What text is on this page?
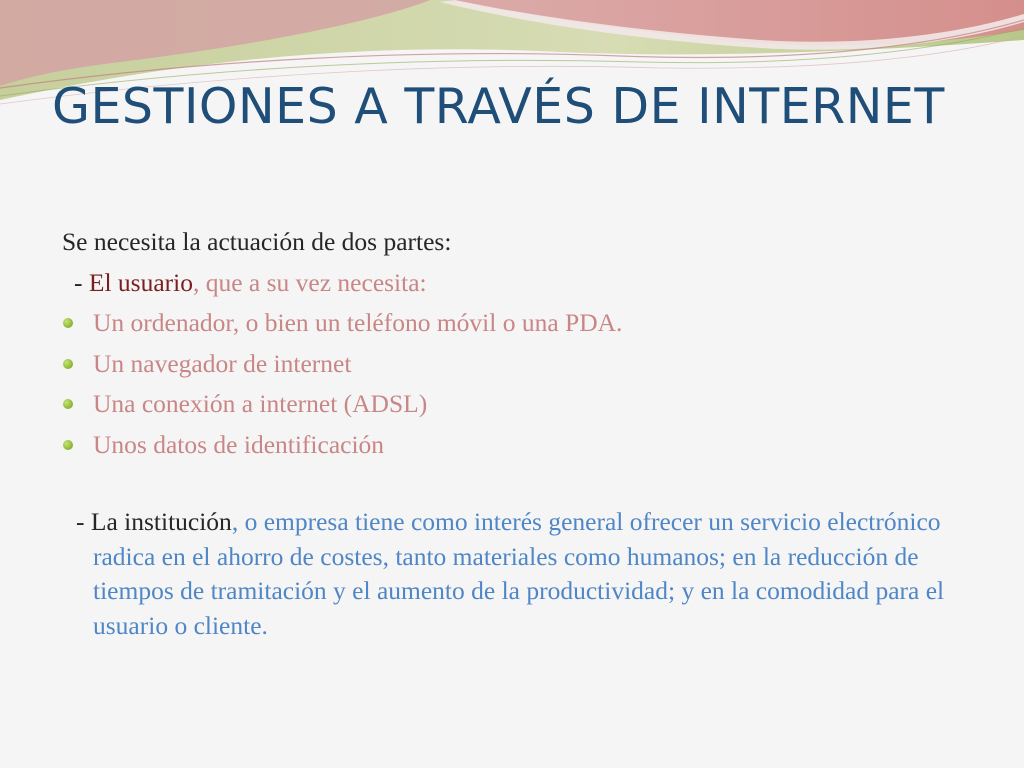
GESTIONES A TRAVÉS DE INTERNET
Se necesita la actuación de dos partes:
- El usuario, que a su vez necesita:
Un ordenador, o bien un teléfono móvil o una PDA.
Un navegador de internet
Una conexión a internet (ADSL)
Unos datos de identificación
- La institución, o empresa tiene como interés general ofrecer un servicio electrónico radica en el ahorro de costes, tanto materiales como humanos; en la reducción de tiempos de tramitación y el aumento de la productividad; y en la comodidad para el usuario o cliente.
